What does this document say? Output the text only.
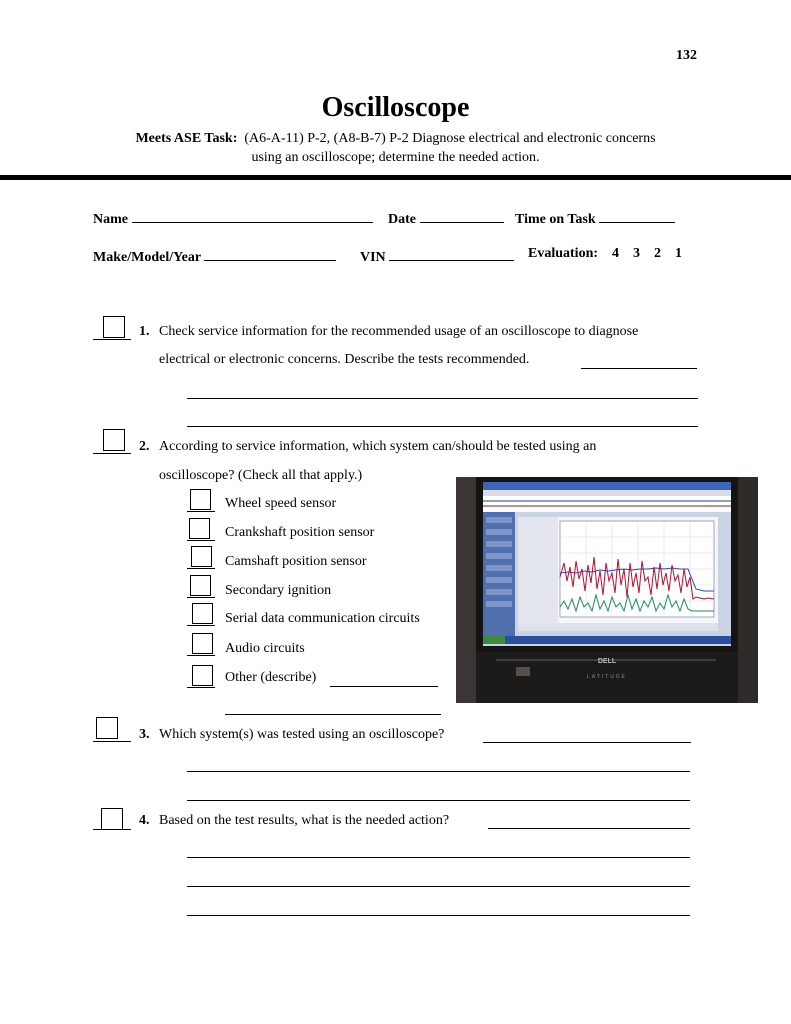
132
Oscilloscope
Meets ASE Task: (A6-A-11) P-2, (A8-B-7) P-2 Diagnose electrical and electronic concerns
using an oscilloscope; determine the needed action.
Name	Date	Time on Task
Make/Model/Year	VIN	Evaluation: 4 3 2 1
1. Check service information for the recommended usage of an oscilloscope to diagnose
electrical or electronic concerns. Describe the tests recommended.
2. According to service information, which system can/should be tested using an
oscilloscope? (Check all that apply.)
Wheel speed sensor
Crankshaft position sensor
Camshaft position sensor
Secondary ignition
Serial data communication circuits
Audio circuits
Other (describe)
DELL
LATITUDE
3. Which system(s) was tested using an oscilloscope?
4. Based on the test results, what is the needed action?
